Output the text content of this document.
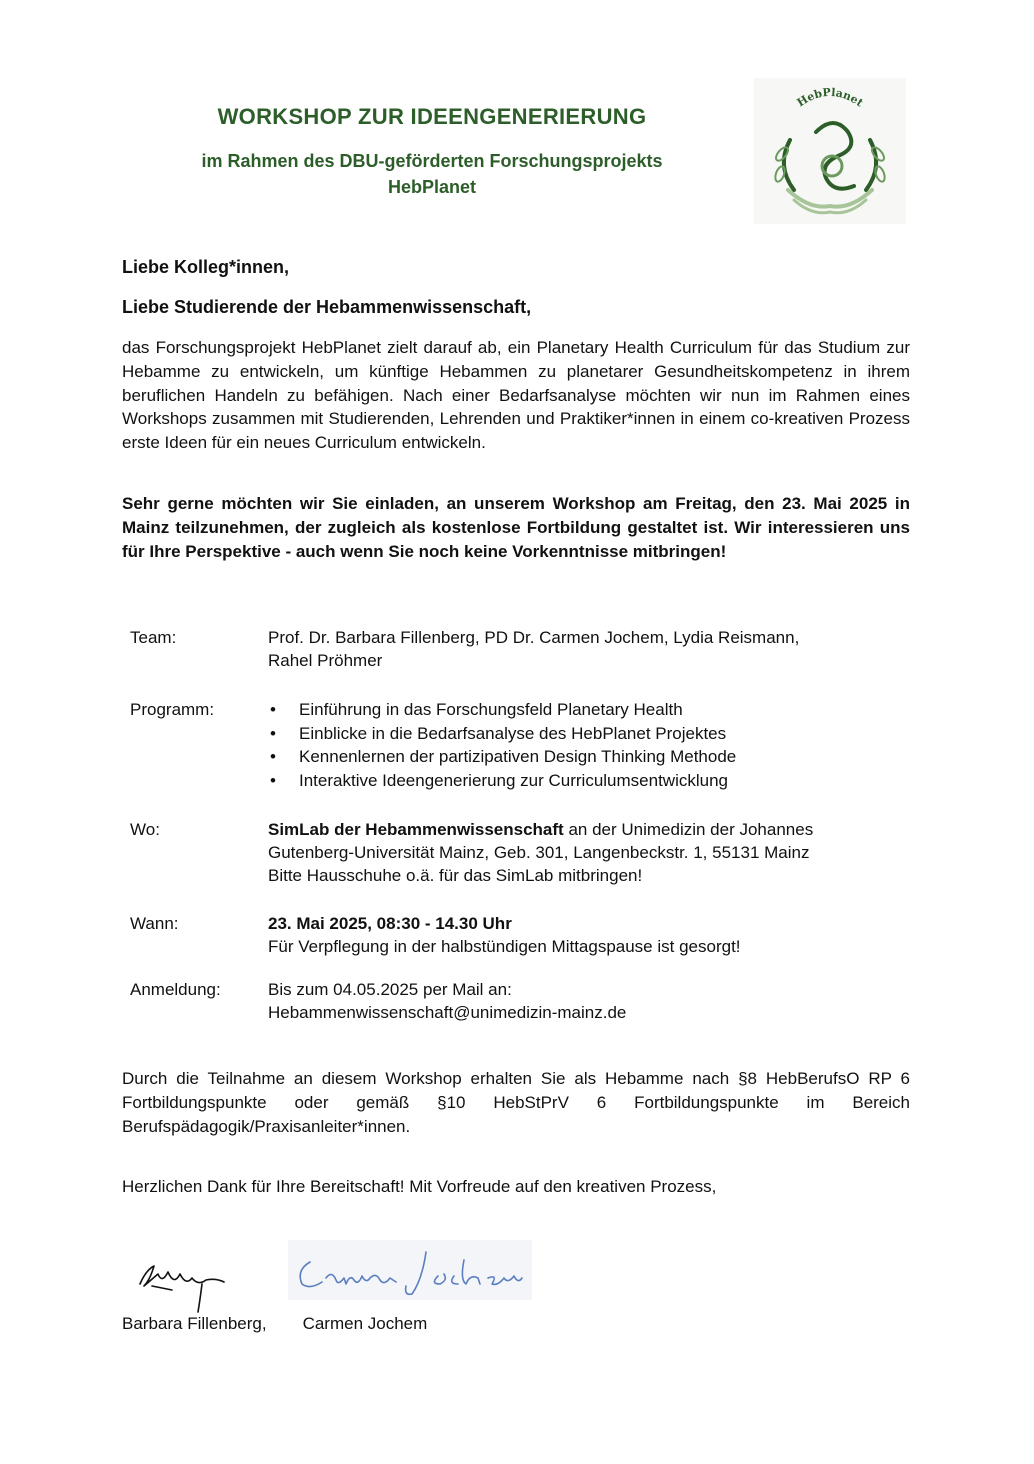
WORKSHOP ZUR IDEENGENERIERUNG
im Rahmen des DBU-geförderten Forschungsprojekts
HebPlanet
HebPlanet
Liebe Kolleg*innen,
Liebe Studierende der Hebammenwissenschaft,
das Forschungsprojekt HebPlanet zielt darauf ab, ein Planetary Health Curriculum für das Studium zur Hebamme zu entwickeln, um künftige Hebammen zu planetarer Gesundheitskompetenz in ihrem beruflichen Handeln zu befähigen. Nach einer Bedarfsanalyse möchten wir nun im Rahmen eines Workshops zusammen mit Studierenden, Lehrenden und Praktiker*innen in einem co-kreativen Prozess erste Ideen für ein neues Curriculum entwickeln.
Sehr gerne möchten wir Sie einladen, an unserem Workshop am Freitag, den 23. Mai 2025 in Mainz teilzunehmen, der zugleich als kostenlose Fortbildung gestaltet ist. Wir interessieren uns für Ihre Perspektive - auch wenn Sie noch keine Vorkenntnisse mitbringen!
Team:	Prof. Dr. Barbara Fillenberg, PD Dr. Carmen Jochem, Lydia Reismann,
Rahel Pröhmer
Programm:	• Einführung in das Forschungsfeld Planetary Health
• Einblicke in die Bedarfsanalyse des HebPlanet Projektes
• Kennenlernen der partizipativen Design Thinking Methode
• Interaktive Ideengenerierung zur Curriculumsentwicklung
Wo:	SimLab der Hebammenwissenschaft an der Unimedizin der Johannes
Gutenberg-Universität Mainz, Geb. 301, Langenbeckstr. 1, 55131 Mainz
Bitte Hausschuhe o.ä. für das SimLab mitbringen!
Wann:	23. Mai 2025, 08:30 - 14.30 Uhr
Für Verpflegung in der halbstündigen Mittagspause ist gesorgt!
Anmeldung:	Bis zum 04.05.2025 per Mail an:
Hebammenwissenschaft@unimedizin-mainz.de
Durch die Teilnahme an diesem Workshop erhalten Sie als Hebamme nach §8 HebBerufsO RP 6 Fortbildungspunkte oder gemäß §10 HebStPrV 6 Fortbildungspunkte im Bereich Berufspädagogik/Praxisanleiter*innen.
Herzlichen Dank für Ihre Bereitschaft! Mit Vorfreude auf den kreativen Prozess,
Barbara Fillenberg, Carmen Jochem
